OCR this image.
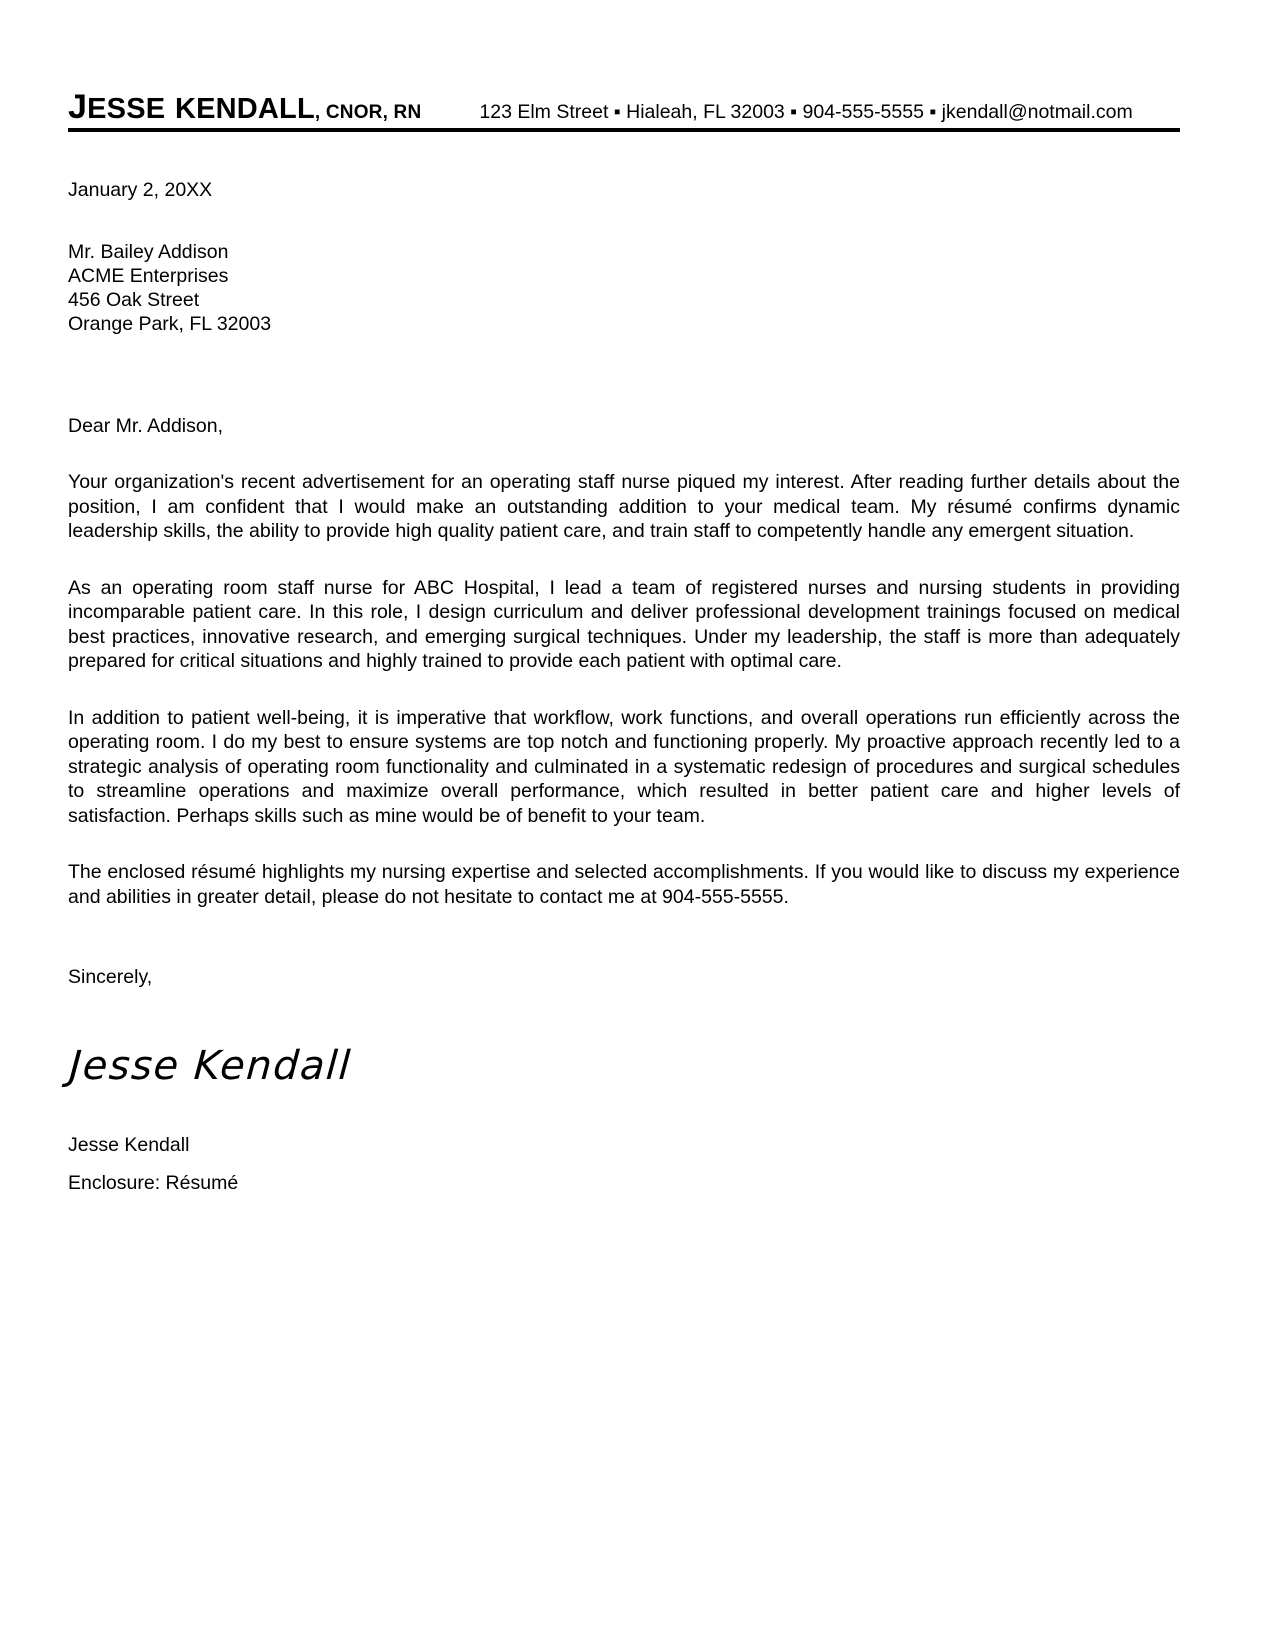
JESSE KENDALL, CNOR, RN	123 Elm Street ▪ Hialeah, FL 32003 ▪ 904-555-5555 ▪ jkendall@notmail.com
January 2, 20XX
Mr. Bailey Addison
ACME Enterprises
456 Oak Street
Orange Park, FL 32003
Dear Mr. Addison,

Your organization's recent advertisement for an operating staff nurse piqued my interest. After reading further details about the position, I am confident that I would make an outstanding addition to your medical team. My résumé confirms dynamic leadership skills, the ability to provide high quality patient care, and train staff to competently handle any emergent situation.

As an operating room staff nurse for ABC Hospital, I lead a team of registered nurses and nursing students in providing incomparable patient care. In this role, I design curriculum and deliver professional development trainings focused on medical best practices, innovative research, and emerging surgical techniques. Under my leadership, the staff is more than adequately prepared for critical situations and highly trained to provide each patient with optimal care.

In addition to patient well-being, it is imperative that workflow, work functions, and overall operations run efficiently across the operating room. I do my best to ensure systems are top notch and functioning properly. My proactive approach recently led to a strategic analysis of operating room functionality and culminated in a systematic redesign of procedures and surgical schedules to streamline operations and maximize overall performance, which resulted in better patient care and higher levels of satisfaction. Perhaps skills such as mine would be of benefit to your team.

The enclosed résumé highlights my nursing expertise and selected accomplishments. If you would like to discuss my experience and abilities in greater detail, please do not hesitate to contact me at 904-555-5555.

Sincerely,
Jesse Kendall
Jesse Kendall
Enclosure: Résumé
